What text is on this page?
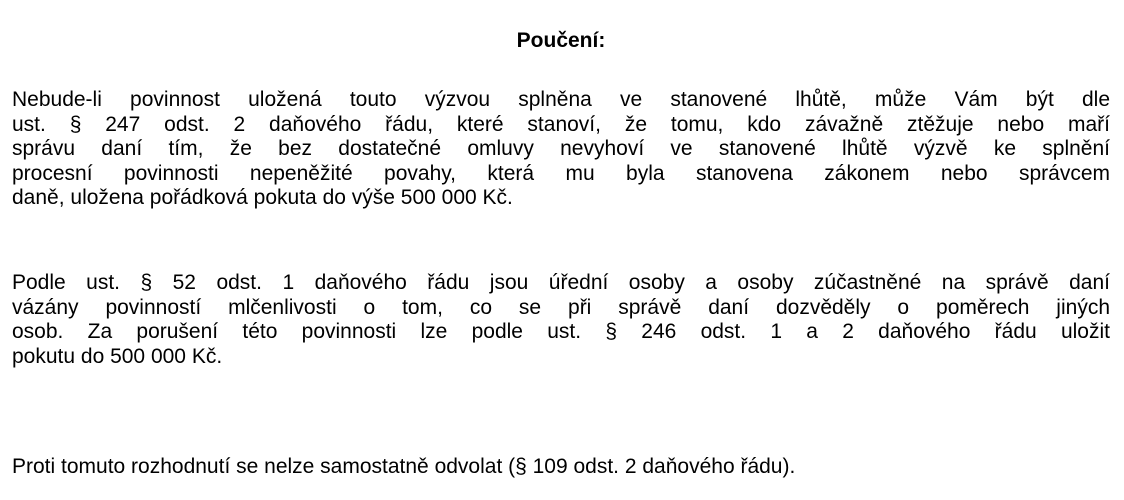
Poučení:
Nebude-li povinnost uložená touto výzvou splněna ve stanovené lhůtě, může Vám být dle
ust. § 247 odst. 2 daňového řádu, které stanoví, že tomu, kdo závažně ztěžuje nebo maří
správu daní tím, že bez dostatečné omluvy nevyhoví ve stanovené lhůtě výzvě ke splnění
procesní povinnosti nepeněžité povahy, která mu byla stanovena zákonem nebo správcem
daně, uložena pořádková pokuta do výše 500 000 Kč.
Podle ust. § 52 odst. 1 daňového řádu jsou úřední osoby a osoby zúčastněné na správě daní
vázány povinností mlčenlivosti o tom, co se při správě daní dozvěděly o poměrech jiných
osob. Za porušení této povinnosti lze podle ust. § 246 odst. 1 a 2 daňového řádu uložit
pokutu do 500 000 Kč.

Proti tomuto rozhodnutí se nelze samostatně odvolat (§ 109 odst. 2 daňového řádu).
